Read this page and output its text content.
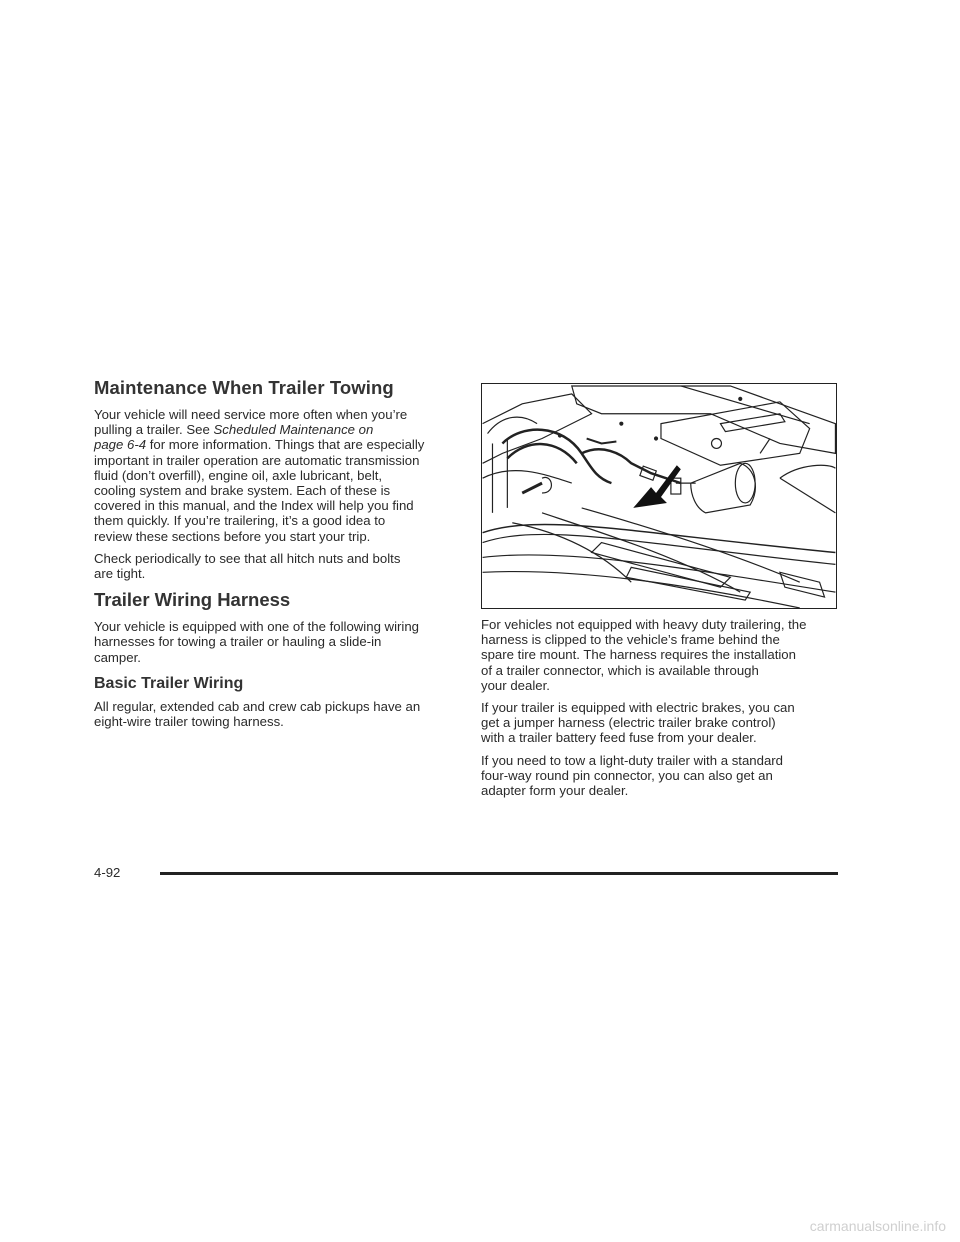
Maintenance When Trailer Towing

Your vehicle will need service more often when you’re
pulling a trailer. See Scheduled Maintenance on
page 6-4 for more information. Things that are especially
important in trailer operation are automatic transmission
fluid (don’t overfill), engine oil, axle lubricant, belt,
cooling system and brake system. Each of these is
covered in this manual, and the Index will help you find
them quickly. If you’re trailering, it’s a good idea to
review these sections before you start your trip.

Check periodically to see that all hitch nuts and bolts
are tight.

Trailer Wiring Harness

Your vehicle is equipped with one of the following wiring
harnesses for towing a trailer or hauling a slide-in
camper.

Basic Trailer Wiring

All regular, extended cab and crew cab pickups have an
eight-wire trailer towing harness.

For vehicles not equipped with heavy duty trailering, the
harness is clipped to the vehicle’s frame behind the
spare tire mount. The harness requires the installation
of a trailer connector, which is available through
your dealer.

If your trailer is equipped with electric brakes, you can
get a jumper harness (electric trailer brake control)
with a trailer battery feed fuse from your dealer.

If you need to tow a light-duty trailer with a standard
four-way round pin connector, you can also get an
adapter form your dealer.

4-92
carmanualsonline.info
